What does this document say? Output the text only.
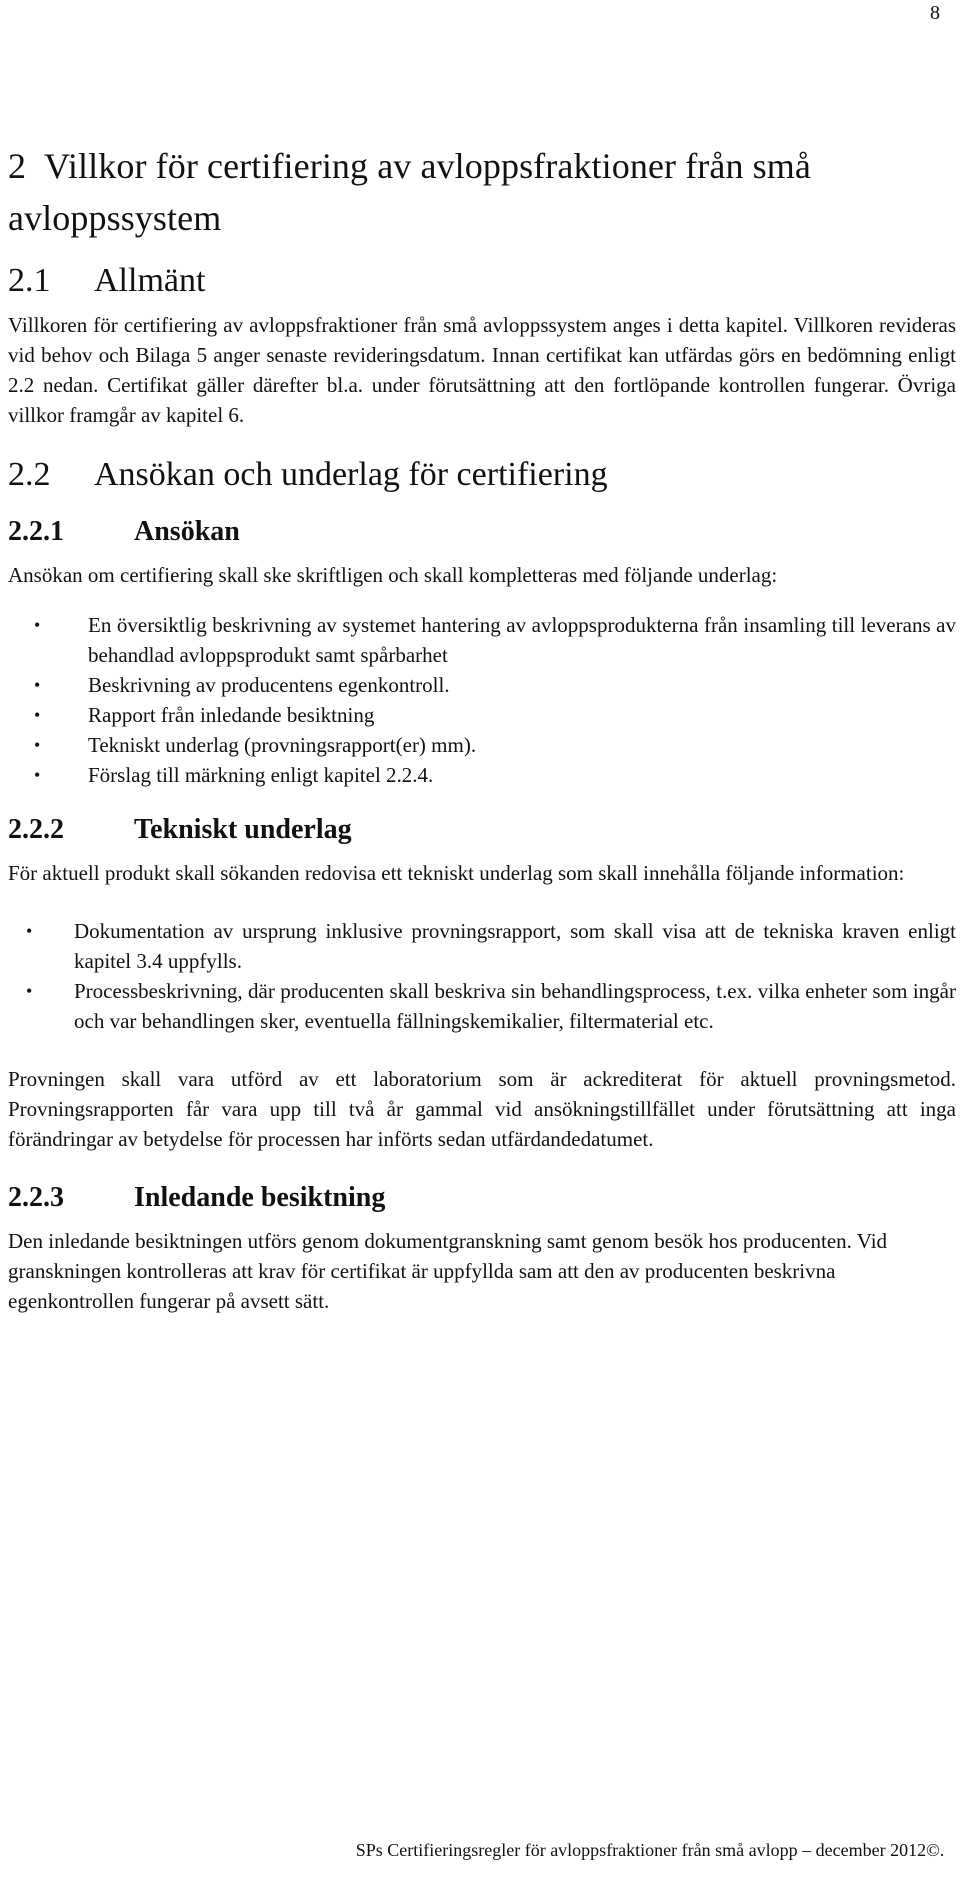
8
2 Villkor för certifiering av avloppsfraktioner från små avloppssystem
2.1 Allmänt

Villkoren för certifiering av avloppsfraktioner från små avloppssystem anges i detta kapitel. Villkoren revideras vid behov och Bilaga 5 anger senaste revideringsdatum. Innan certifikat kan utfärdas görs en bedömning enligt 2.2 nedan. Certifikat gäller därefter bl.a. under förutsättning att den fortlöpande kontrollen fungerar. Övriga villkor framgår av kapitel 6.

2.2 Ansökan och underlag för certifiering
2.2.1	Ansökan

Ansökan om certifiering skall ske skriftligen och skall kompletteras med följande underlag:

• En översiktlig beskrivning av systemet hantering av avloppsprodukterna från insamling till leverans av behandlad avloppsprodukt samt spårbarhet
• Beskrivning av producentens egenkontroll.
• Rapport från inledande besiktning
• Tekniskt underlag (provningsrapport(er) mm).
• Förslag till märkning enligt kapitel 2.2.4.
2.2.2	Tekniskt underlag

För aktuell produkt skall sökanden redovisa ett tekniskt underlag som skall innehålla följande information:

• Dokumentation av ursprung inklusive provningsrapport, som skall visa att de tekniska kraven enligt kapitel 3.4 uppfylls.
• Processbeskrivning, där producenten skall beskriva sin behandlingsprocess, t.ex. vilka enheter som ingår och var behandlingen sker, eventuella fällningskemikalier, filtermaterial etc.

Provningen skall vara utförd av ett laboratorium som är ackrediterat för aktuell provningsmetod. Provningsrapporten får vara upp till två år gammal vid ansökningstillfället under förutsättning att inga förändringar av betydelse för processen har införts sedan utfärdandedatumet.

2.2.3	Inledande besiktning

Den inledande besiktningen utförs genom dokumentgranskning samt genom besök hos producenten. Vid granskningen kontrolleras att krav för certifikat är uppfyllda sam att den av producenten beskrivna egenkontrollen fungerar på avsett sätt.

SPs Certifieringsregler för avloppsfraktioner från små avlopp – december 2012©.
